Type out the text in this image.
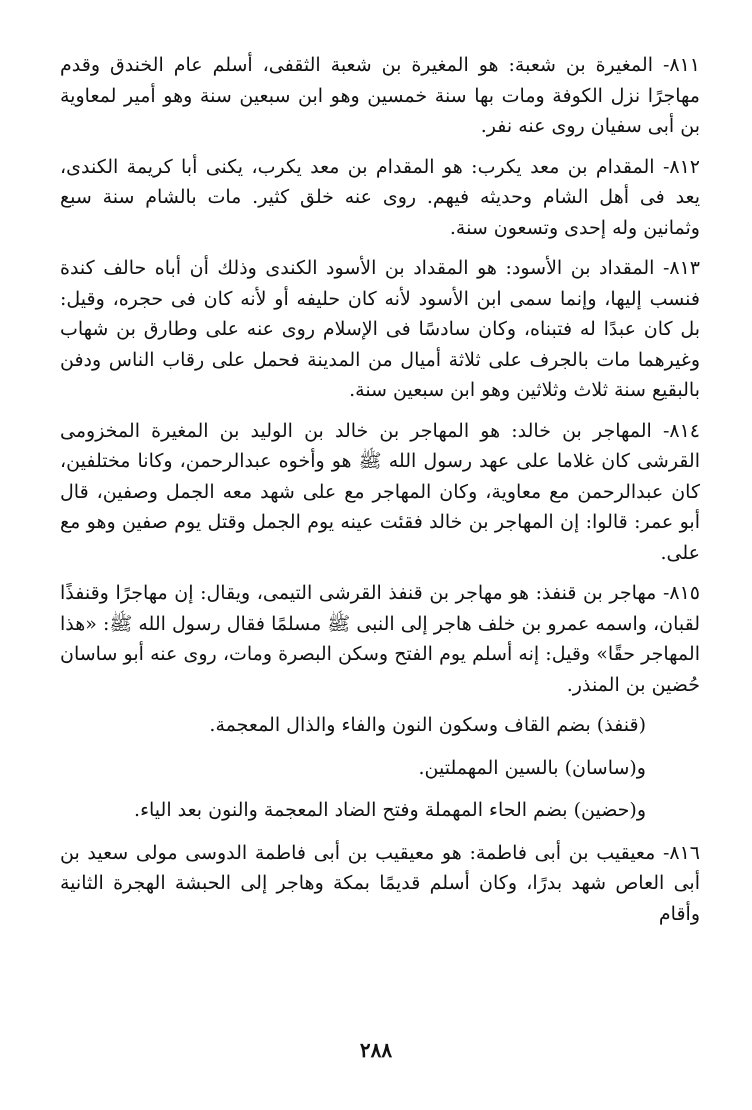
٨١١- المغيرة بن شعبة: هو المغيرة بن شعبة الثقفى، أسلم عام الخندق وقدم مهاجرًا نزل الكوفة ومات بها سنة خمسين وهو ابن سبعين سنة وهو أمير لمعاوية بن أبى سفيان روى عنه نفر.

٨١٢- المقدام بن معد يكرب: هو المقدام بن معد يكرب، يكنى أبا كريمة الكندى، يعد فى أهل الشام وحديثه فيهم. روى عنه خلق كثير. مات بالشام سنة سبع وثمانين وله إحدى وتسعون سنة.

٨١٣- المقداد بن الأسود: هو المقداد بن الأسود الكندى وذلك أن أباه حالف كندة فنسب إليها، وإنما سمى ابن الأسود لأنه كان حليفه أو لأنه كان فى حجره، وقيل: بل كان عبدًا له فتبناه، وكان سادسًا فى الإسلام روى عنه على وطارق بن شهاب وغيرهما مات بالجرف على ثلاثة أميال من المدينة فحمل على رقاب الناس ودفن بالبقيع سنة ثلاث وثلاثين وهو ابن سبعين سنة.

٨١٤- المهاجر بن خالد: هو المهاجر بن خالد بن الوليد بن المغيرة المخزومى القرشى كان غلاما على عهد رسول الله ﷺ هو وأخوه عبدالرحمن، وكانا مختلفين، كان عبدالرحمن مع معاوية، وكان المهاجر مع على شهد معه الجمل وصفين، قال أبو عمر: قالوا: إن المهاجر بن خالد فقئت عينه يوم الجمل وقتل يوم صفين وهو مع على.

٨١٥- مهاجر بن قنفذ: هو مهاجر بن قنفذ القرشى التيمى، ويقال: إن مهاجرًا وقنفذًا لقبان، واسمه عمرو بن خلف هاجر إلى النبى ﷺ مسلمًا فقال رسول الله ﷺ: «هذا المهاجر حقًا» وقيل: إنه أسلم يوم الفتح وسكن البصرة ومات، روى عنه أبو ساسان حُضين بن المنذر.

(قنفذ) بضم القاف وسكون النون والفاء والذال المعجمة.

و(ساسان) بالسين المهملتين.

و(حضين) بضم الحاء المهملة وفتح الضاد المعجمة والنون بعد الياء.

٨١٦- معيقيب بن أبى فاطمة: هو معيقيب بن أبى فاطمة الدوسى مولى سعيد بن أبى العاص شهد بدرًا، وكان أسلم قديمًا بمكة وهاجر إلى الحبشة الهجرة الثانية وأقام

٢٨٨
